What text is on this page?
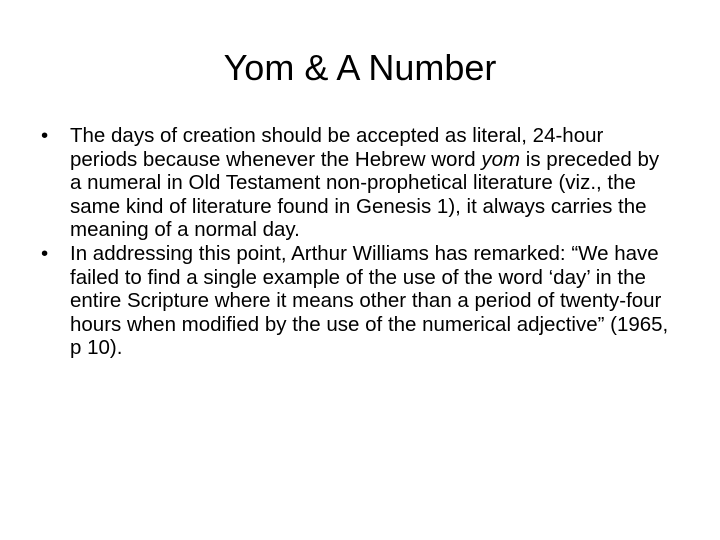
Yom & A Number
• The days of creation should be accepted as literal, 24-hour periods because whenever the Hebrew word yom is preceded by a numeral in Old Testament non-prophetical literature (viz., the same kind of literature found in Genesis 1), it always carries the meaning of a normal day.
• In addressing this point, Arthur Williams has remarked: “We have failed to find a single example of the use of the word ‘day’ in the entire Scripture where it means other than a period of twenty-four hours when modified by the use of the numerical adjective” (1965, p 10).
